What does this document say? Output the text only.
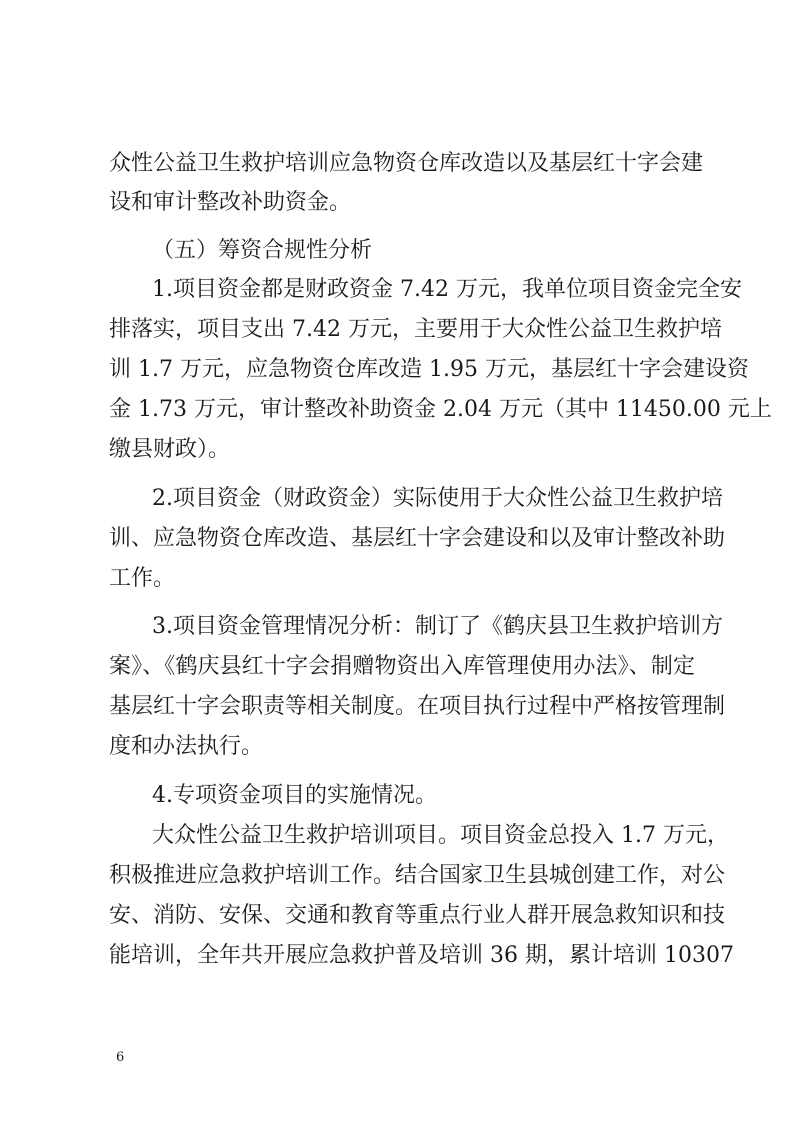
众性公益卫生救护培训应急物资仓库改造以及基层红十字会建

设和审计整改补助资金。

（五）筹资合规性分析

1.项目资金都是财政资金 7.42 万元，我单位项目资金完全安

排落实，项目支出 7.42 万元，主要用于大众性公益卫生救护培

训 1.7 万元，应急物资仓库改造 1.95 万元，基层红十字会建设资

金 1.73 万元，审计整改补助资金 2.04 万元（其中 11450.00 元上

缴县财政）。

2.项目资金（财政资金）实际使用于大众性公益卫生救护培

训、应急物资仓库改造、基层红十字会建设和以及审计整改补助

工作。

3.项目资金管理情况分析：制订了《鹤庆县卫生救护培训方

案》、《鹤庆县红十字会捐赠物资出入库管理使用办法》、制定

基层红十字会职责等相关制度。在项目执行过程中严格按管理制

度和办法执行。

4.专项资金项目的实施情况。

大众性公益卫生救护培训项目。项目资金总投入 1.7 万元，

积极推进应急救护培训工作。结合国家卫生县城创建工作，对公

安、消防、安保、交通和教育等重点行业人群开展急救知识和技

能培训，全年共开展应急救护普及培训 36 期，累计培训 10307

6
